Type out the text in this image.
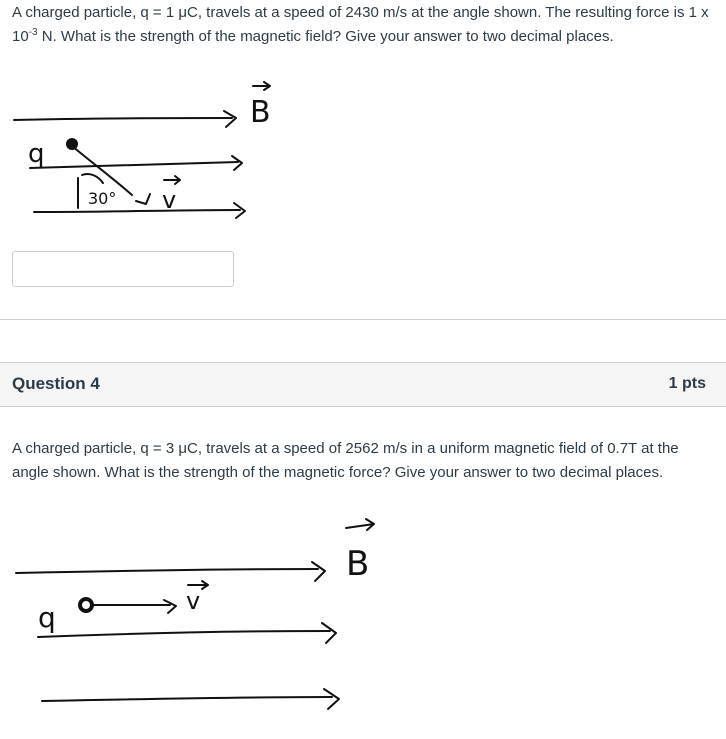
A charged particle, q = 1 μC, travels at a speed of 2430 m/s at the angle shown. The resulting force is 1 x $10^{-3}$ N. What is the strength of the magnetic field? Give your answer to two decimal places.
q
30° v
B
Question 4	1 pts
A charged particle, q = 3 μC, travels at a speed of 2562 m/s in a uniform magnetic field of 0.7T at the angle shown. What is the strength of the magnetic force? Give your answer to two decimal places.
q	v
B
